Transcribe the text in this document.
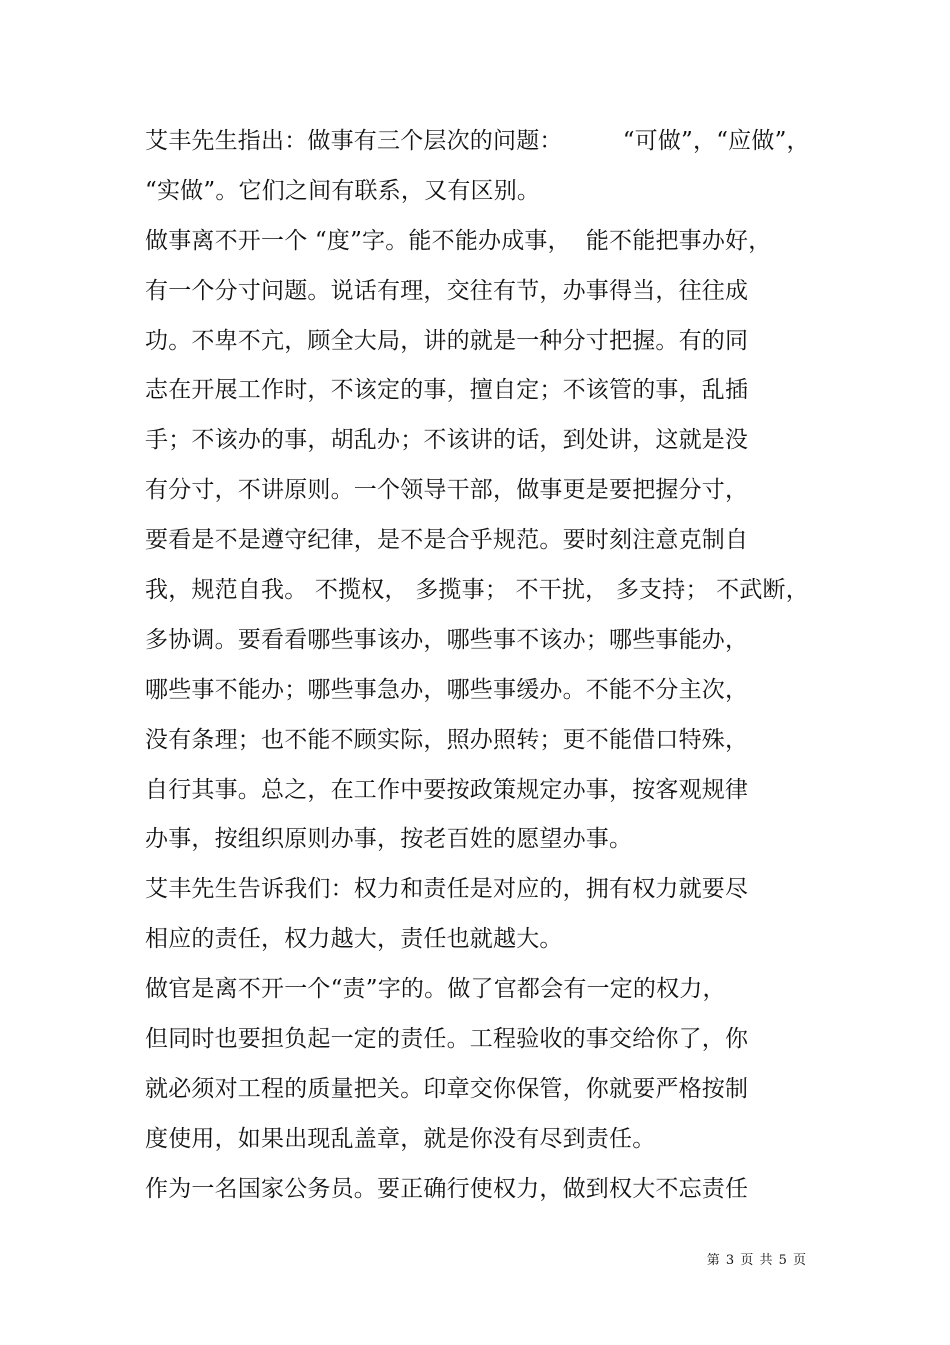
艾丰先生指出：做事有三个层次的问题：        “可做”，“应做”，
“实做”。它们之间有联系，又有区别。
做事离不开一个 “度”字。能不能办成事，  能不能把事办好，
有一个分寸问题。说话有理，交往有节，办事得当，往往成
功。不卑不亢，顾全大局，讲的就是一种分寸把握。有的同
志在开展工作时，不该定的事，擅自定；不该管的事，乱插
手；不该办的事，胡乱办；不该讲的话，到处讲，这就是没
有分寸，不讲原则。一个领导干部，做事更是要把握分寸，
要看是不是遵守纪律，是不是合乎规范。要时刻注意克制自
我，规范自我。 不揽权， 多揽事； 不干扰， 多支持； 不武断，
多协调。要看看哪些事该办，哪些事不该办；哪些事能办，
哪些事不能办；哪些事急办，哪些事缓办。不能不分主次，
没有条理；也不能不顾实际，照办照转；更不能借口特殊，
自行其事。总之，在工作中要按政策规定办事，按客观规律
办事，按组织原则办事，按老百姓的愿望办事。
艾丰先生告诉我们：权力和责任是对应的，拥有权力就要尽
相应的责任，权力越大，责任也就越大。
做官是离不开一个“责”字的。做了官都会有一定的权力，
但同时也要担负起一定的责任。工程验收的事交给你了，你
就必须对工程的质量把关。印章交你保管，你就要严格按制
度使用，如果出现乱盖章，就是你没有尽到责任。
作为一名国家公务员。要正确行使权力，做到权大不忘责任
第 3 页 共 5 页
